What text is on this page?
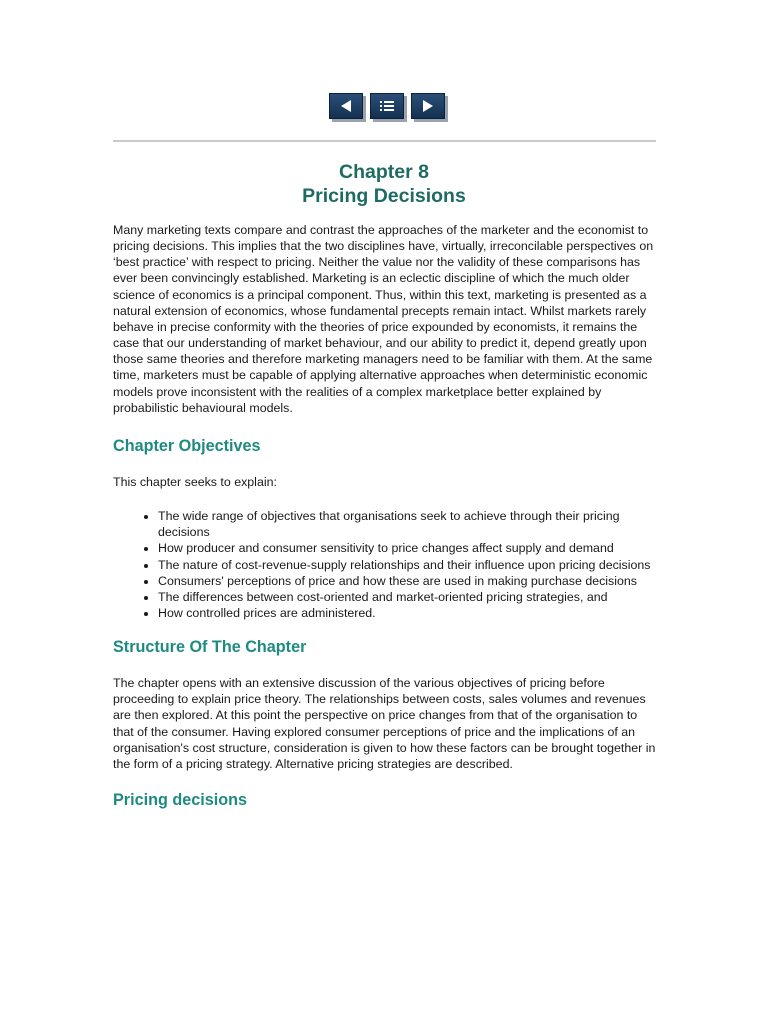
Chapter 8
Pricing Decisions

Many marketing texts compare and contrast the approaches of the marketer and the economist to pricing decisions. This implies that the two disciplines have, virtually, irreconcilable perspectives on ‘best practice’ with respect to pricing. Neither the value nor the validity of these comparisons has ever been convincingly established. Marketing is an eclectic discipline of which the much older science of economics is a principal component. Thus, within this text, marketing is presented as a natural extension of economics, whose fundamental precepts remain intact. Whilst markets rarely behave in precise conformity with the theories of price expounded by economists, it remains the case that our understanding of market behaviour, and our ability to predict it, depend greatly upon those same theories and therefore marketing managers need to be familiar with them. At the same time, marketers must be capable of applying alternative approaches when deterministic economic models prove inconsistent with the realities of a complex marketplace better explained by probabilistic behavioural models.

Chapter Objectives

This chapter seeks to explain:

• The wide range of objectives that organisations seek to achieve through their pricing decisions
• How producer and consumer sensitivity to price changes affect supply and demand
• The nature of cost-revenue-supply relationships and their influence upon pricing decisions
• Consumers' perceptions of price and how these are used in making purchase decisions
• The differences between cost-oriented and market-oriented pricing strategies, and
• How controlled prices are administered.
Structure Of The Chapter

The chapter opens with an extensive discussion of the various objectives of pricing before proceeding to explain price theory. The relationships between costs, sales volumes and revenues are then explored. At this point the perspective on price changes from that of the organisation to that of the consumer. Having explored consumer perceptions of price and the implications of an organisation's cost structure, consideration is given to how these factors can be brought together in the form of a pricing strategy. Alternative pricing strategies are described.

Pricing decisions
